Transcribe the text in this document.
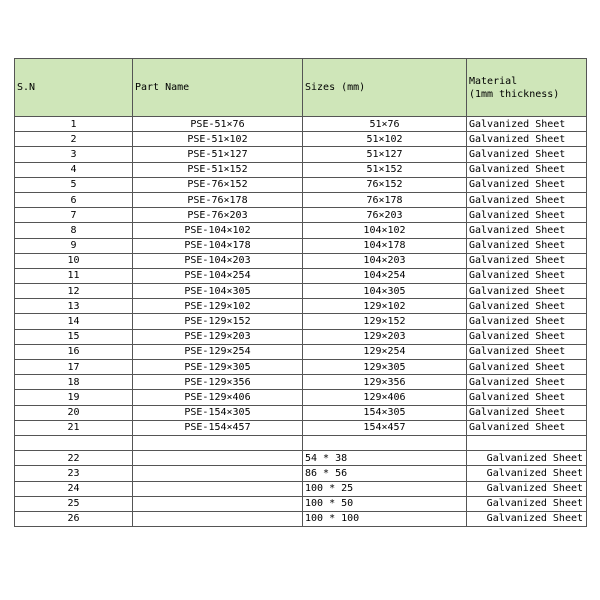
S.N	Part Name	Sizes (mm)	Material
(1mm thickness)

1	PSE-51×76	51×76	Galvanized Sheet
2	PSE-51×102	51×102	Galvanized Sheet
3	PSE-51×127	51×127	Galvanized Sheet
4	PSE-51×152	51×152	Galvanized Sheet
5	PSE-76×152	76×152	Galvanized Sheet
6	PSE-76×178	76×178	Galvanized Sheet
7	PSE-76×203	76×203	Galvanized Sheet
8	PSE-104×102	104×102	Galvanized Sheet
9	PSE-104×178	104×178	Galvanized Sheet
10	PSE-104×203	104×203	Galvanized Sheet
11	PSE-104×254	104×254	Galvanized Sheet
12	PSE-104×305	104×305	Galvanized Sheet
13	PSE-129×102	129×102	Galvanized Sheet
14	PSE-129×152	129×152	Galvanized Sheet
15	PSE-129×203	129×203	Galvanized Sheet
16	PSE-129×254	129×254	Galvanized Sheet
17	PSE-129×305	129×305	Galvanized Sheet
18	PSE-129×356	129×356	Galvanized Sheet
19	PSE-129×406	129×406	Galvanized Sheet
20	PSE-154×305	154×305	Galvanized Sheet
21	PSE-154×457	154×457	Galvanized Sheet

22		54 * 38	Galvanized Sheet
23		86 * 56	Galvanized Sheet
24		100 * 25	Galvanized Sheet
25		100 * 50	Galvanized Sheet
26		100 * 100	Galvanized Sheet
